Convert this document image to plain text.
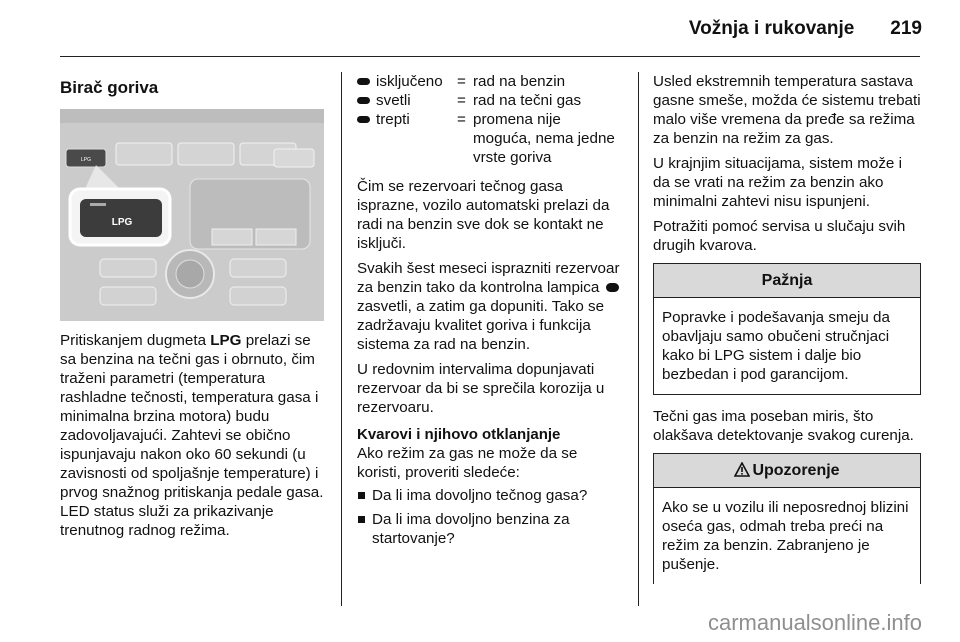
Vožnja i rukovanje 219
Birač goriva
LPG
LPG

Pritiskanjem dugmeta LPG prelazi se sa benzina na tečni gas i obrnuto, čim traženi parametri (temperatura rashladne tečnosti, temperatura gasa i minimalna brzina motora) budu zadovoljavajući. Zahtevi se obično ispunjavaju nakon oko 60 sekundi (u zavisnosti od spoljašnje temperature) i prvog snažnog pritiskanja pedale gasa. LED status služi za prikazivanje trenutnog radnog režima.

isključeno = rad na benzin
svetli	= rad na tečni gas
trepti	= promena nije moguća, nema jedne vrste goriva

Čim se rezervoari tečnog gasa isprazne, vozilo automatski prelazi da radi na benzin sve dok se kontakt ne isključi.

Svakih šest meseci isprazniti rezervoar za benzin tako da kontrolna lampica  zasvetli, a zatim ga dopuniti. Tako se zadržavaju kvalitet goriva i funkcija sistema za rad na benzin.

U redovnim intervalima dopunjavati rezervoar da bi se sprečila korozija u rezervoaru.

Kvarovi i njihovo otklanjanje

Ako režim za gas ne može da se koristi, proveriti sledeće:

Da li ima dovoljno tečnog gasa?
Da li ima dovoljno benzina za startovanje?

Usled ekstremnih temperatura sastava gasne smeše, možda će sistemu trebati malo više vremena da pređe sa režima za benzin na režim za gas.

U krajnjim situacijama, sistem može i da se vrati na režim za benzin ako minimalni zahtevi nisu ispunjeni.

Potražiti pomoć servisa u slučaju svih drugih kvarova.

Pažnja
Popravke i podešavanja smeju da obavljaju samo obučeni stručnjaci kako bi LPG sistem i dalje bio bezbedan i pod garancijom.

Tečni gas ima poseban miris, što olakšava detektovanje svakog curenja.

Upozorenje
Ako se u vozilu ili neposrednoj blizini oseća gas, odmah treba preći na režim za benzin. Zabranjeno je pušenje.
carmanualsonline.info
